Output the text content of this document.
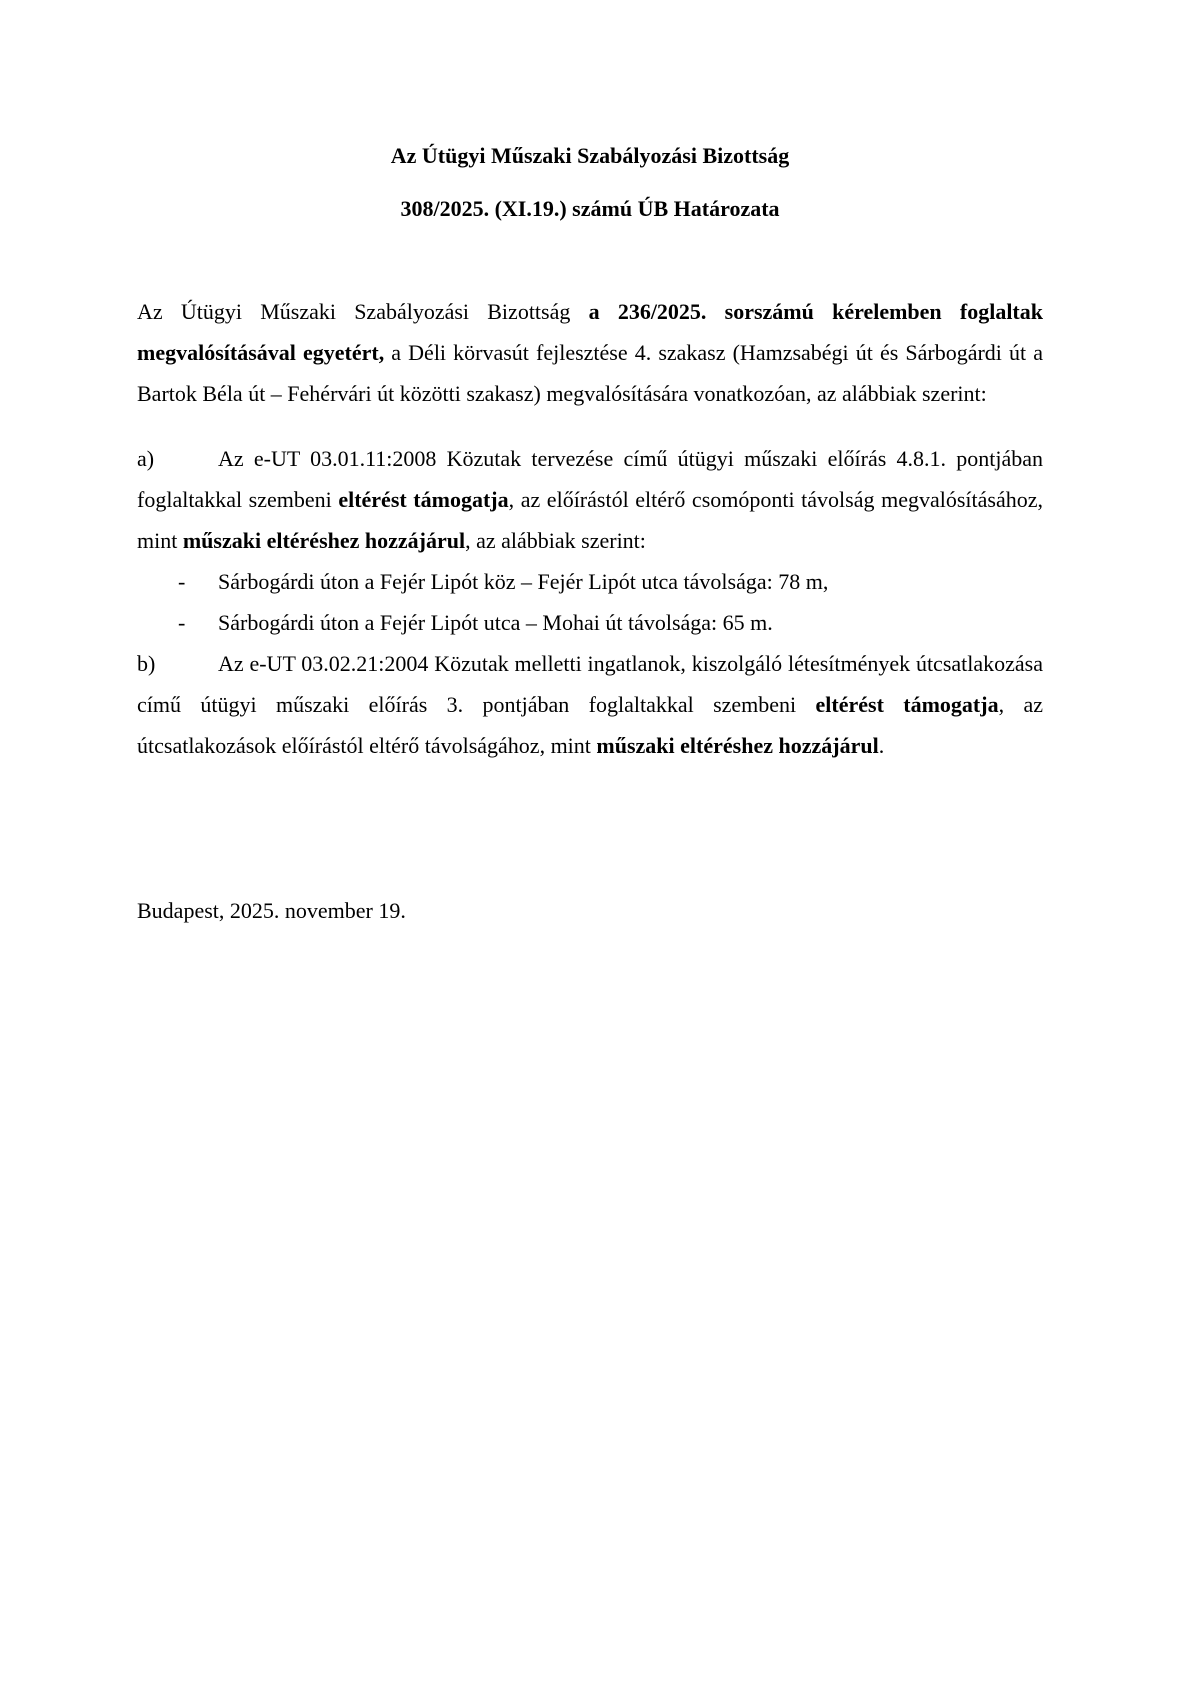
Az Útügyi Műszaki Szabályozási Bizottság
308/2025. (XI.19.) számú ÚB Határozata

Az Útügyi Műszaki Szabályozási Bizottság a 236/2025. sorszámú kérelemben foglaltak megvalósításával egyetért, a Déli körvasút fejlesztése 4. szakasz (Hamzsabégi út és Sárbogárdi út a Bartok Béla út – Fehérvári út közötti szakasz) megvalósítására vonatkozóan, az alábbiak szerint:

a)	Az e-UT 03.01.11:2008 Közutak tervezése című útügyi műszaki előírás 4.8.1. pontjában foglaltakkal szembeni eltérést támogatja, az előírástól eltérő csomóponti távolság megvalósításához, mint műszaki eltéréshez hozzájárul, az alábbiak szerint:

- Sárbogárdi úton a Fejér Lipót köz – Fejér Lipót utca távolsága: 78 m,
- Sárbogárdi úton a Fejér Lipót utca – Mohai út távolsága: 65 m.

b)	Az e-UT 03.02.21:2004 Közutak melletti ingatlanok, kiszolgáló létesítmények útcsatlakozása című útügyi műszaki előírás 3. pontjában foglaltakkal szembeni eltérést támogatja, az útcsatlakozások előírástól eltérő távolságához, mint műszaki eltéréshez hozzájárul.

Budapest, 2025. november 19.
